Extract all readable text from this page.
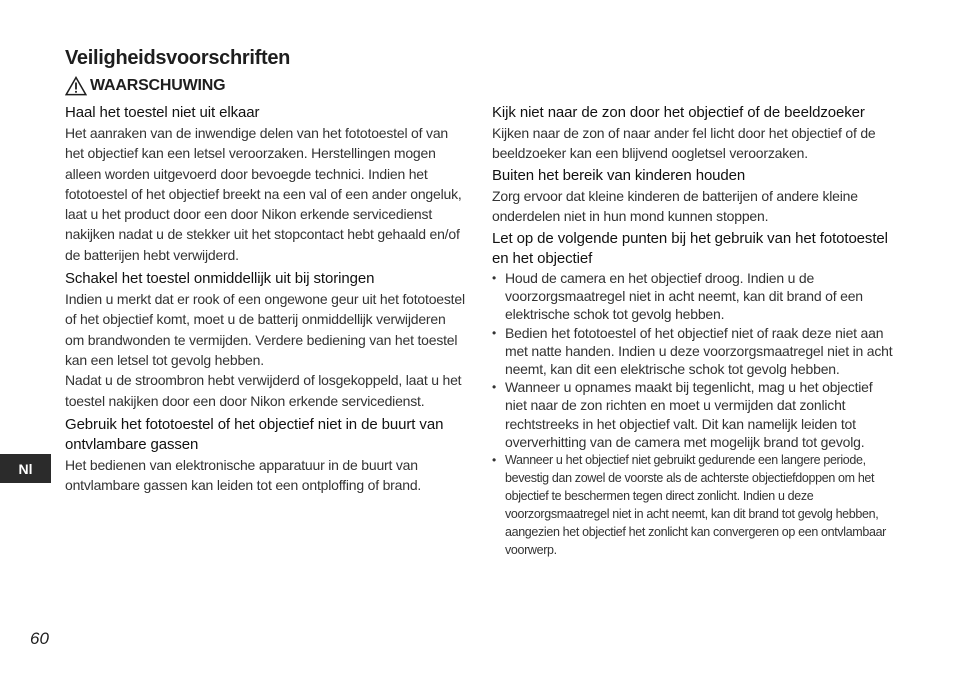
Veiligheidsvoorschriften
WAARSCHUWING
Haal het toestel niet uit elkaar

Het aanraken van de inwendige delen van het fototoestel of van het objectief kan een letsel veroorzaken. Herstellingen mogen alleen worden uitgevoerd door bevoegde technici. Indien het fototoestel of het objectief breekt na een val of een ander ongeluk, laat u het product door een door Nikon erkende servicedienst nakijken nadat u de stekker uit het stopcontact hebt gehaald en/of de batterijen hebt verwijderd.

Schakel het toestel onmiddellijk uit bij storingen

Indien u merkt dat er rook of een ongewone geur uit het fototoestel of het objectief komt, moet u de batterij onmiddellijk verwijderen om brandwonden te vermijden. Verdere bediening van het toestel kan een letsel tot gevolg hebben.

Nadat u de stroombron hebt verwijderd of losgekoppeld, laat u het toestel nakijken door een door Nikon erkende servicedienst.

Gebruik het fototoestel of het objectief niet in de buurt van ontvlambare gassen

Het bedienen van elektronische apparatuur in de buurt van ontvlambare gassen kan leiden tot een ontploffing of brand.

Kijk niet naar de zon door het objectief of de beeldzoeker

Kijken naar de zon of naar ander fel licht door het objectief of de beeldzoeker kan een blijvend oogletsel veroorzaken.

Buiten het bereik van kinderen houden

Zorg ervoor dat kleine kinderen de batterijen of andere kleine onderdelen niet in hun mond kunnen stoppen.

Let op de volgende punten bij het gebruik van het fototoestel en het objectief
• Houd de camera en het objectief droog. Indien u de voorzorgsmaatregel niet in acht neemt, kan dit brand of een elektrische schok tot gevolg hebben.
• Bedien het fototoestel of het objectief niet of raak deze niet aan met natte handen. Indien u deze voorzorgsmaatregel niet in acht neemt, kan dit een elektrische schok tot gevolg hebben.
• Wanneer u opnames maakt bij tegenlicht, mag u het objectief niet naar de zon richten en moet u vermijden dat zonlicht rechtstreeks in het objectief valt. Dit kan namelijk leiden tot oververhitting van de camera met mogelijk brand tot gevolg.
• Wanneer u het objectief niet gebruikt gedurende een langere periode, bevestig dan zowel de voorste als de achterste objectiefdoppen om het objectief te beschermen tegen direct zonlicht. Indien u deze voorzorgsmaatregel niet in acht neemt, kan dit brand tot gevolg hebben, aangezien het objectief het zonlicht kan convergeren op een ontvlambaar voorwerp.
Nl
60
